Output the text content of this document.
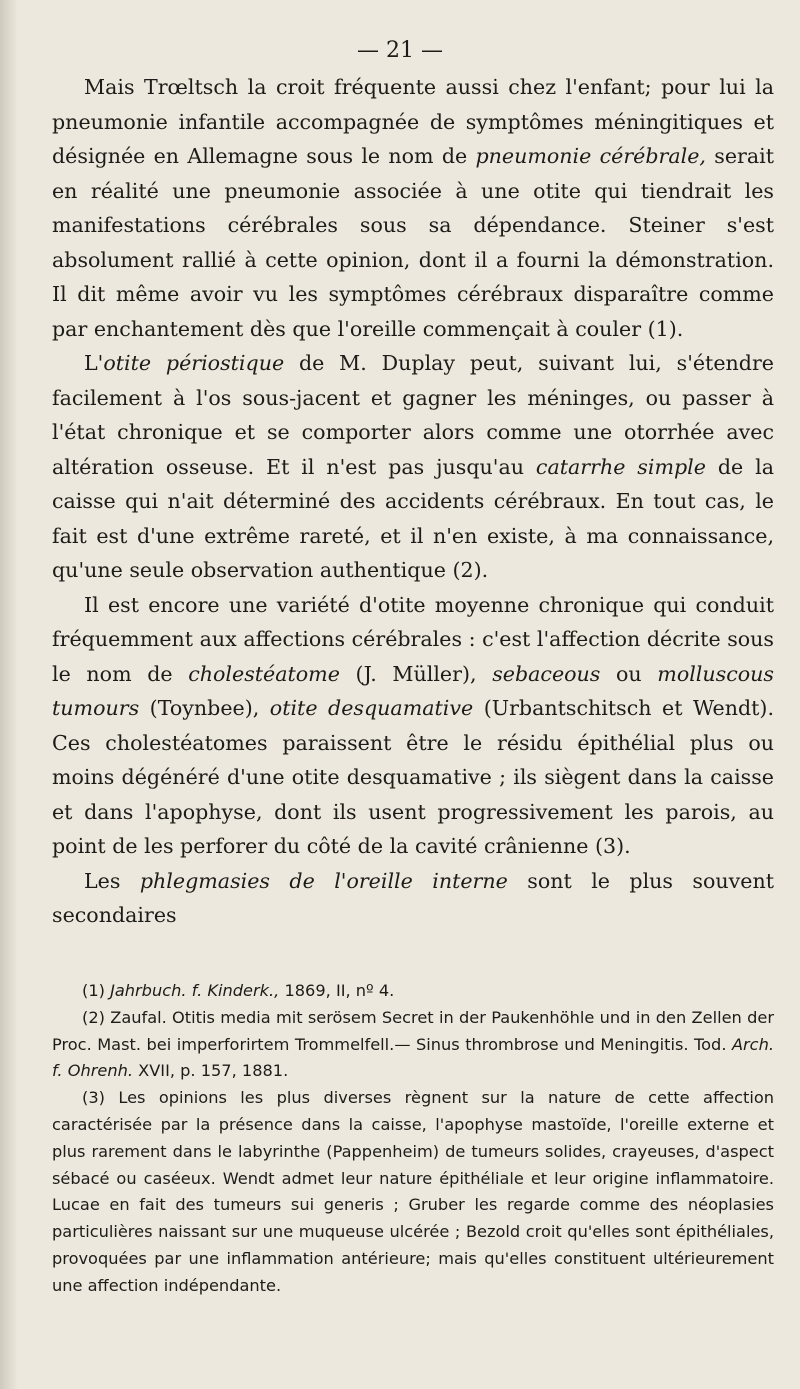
— 21 —

Mais Trœltsch la croit fréquente aussi chez l'enfant; pour lui la pneumonie infantile accompagnée de symptômes méningitiques et désignée en Allemagne sous le nom de pneumonie cérébrale, serait en réalité une pneumonie associée à une otite qui tiendrait les manifestations cérébrales sous sa dépendance. Steiner s'est absolument rallié à cette opinion, dont il a fourni la démonstration. Il dit même avoir vu les symptômes cérébraux disparaître comme par enchantement dès que l'oreille commençait à couler (1).

L'otite périostique de M. Duplay peut, suivant lui, s'étendre facilement à l'os sous-jacent et gagner les méninges, ou passer à l'état chronique et se comporter alors comme une otorrhée avec altération osseuse. Et il n'est pas jusqu'au catarrhe simple de la caisse qui n'ait déterminé des accidents cérébraux. En tout cas, le fait est d'une extrême rareté, et il n'en existe, à ma connaissance, qu'une seule observation authentique (2).

Il est encore une variété d'otite moyenne chronique qui conduit fréquemment aux affections cérébrales : c'est l'affection décrite sous le nom de cholestéatome (J. Müller), sebaceous ou molluscous tumours (Toynbee), otite desquamative (Urbantschitsch et Wendt). Ces cholestéatomes paraissent être le résidu épithélial plus ou moins dégénéré d'une otite desquamative ; ils siègent dans la caisse et dans l'apophyse, dont ils usent progressivement les parois, au point de les perforer du côté de la cavité crânienne (3).

Les phlegmasies de l'oreille interne sont le plus souvent secondaires

(1) Jahrbuch. f. Kinderk., 1869, II, nº 4.

(2) Zaufal. Otitis media mit serösem Secret in der Paukenhöhle und in den Zellen der Proc. Mast. bei imperforirtem Trommelfell.— Sinus thrombrose und Meningitis. Tod. Arch. f. Ohrenh. XVII, p. 157, 1881.

(3) Les opinions les plus diverses règnent sur la nature de cette affection caractérisée par la présence dans la caisse, l'apophyse mastoïde, l'oreille externe et plus rarement dans le labyrinthe (Pappenheim) de tumeurs solides, crayeuses, d'aspect sébacé ou caséeux. Wendt admet leur nature épithéliale et leur origine inflammatoire. Lucae en fait des tumeurs sui generis ; Gruber les regarde comme des néoplasies particulières naissant sur une muqueuse ulcérée ; Bezold croit qu'elles sont épithéliales, provoquées par une inflammation antérieure; mais qu'elles constituent ultérieurement une affection indépendante.
